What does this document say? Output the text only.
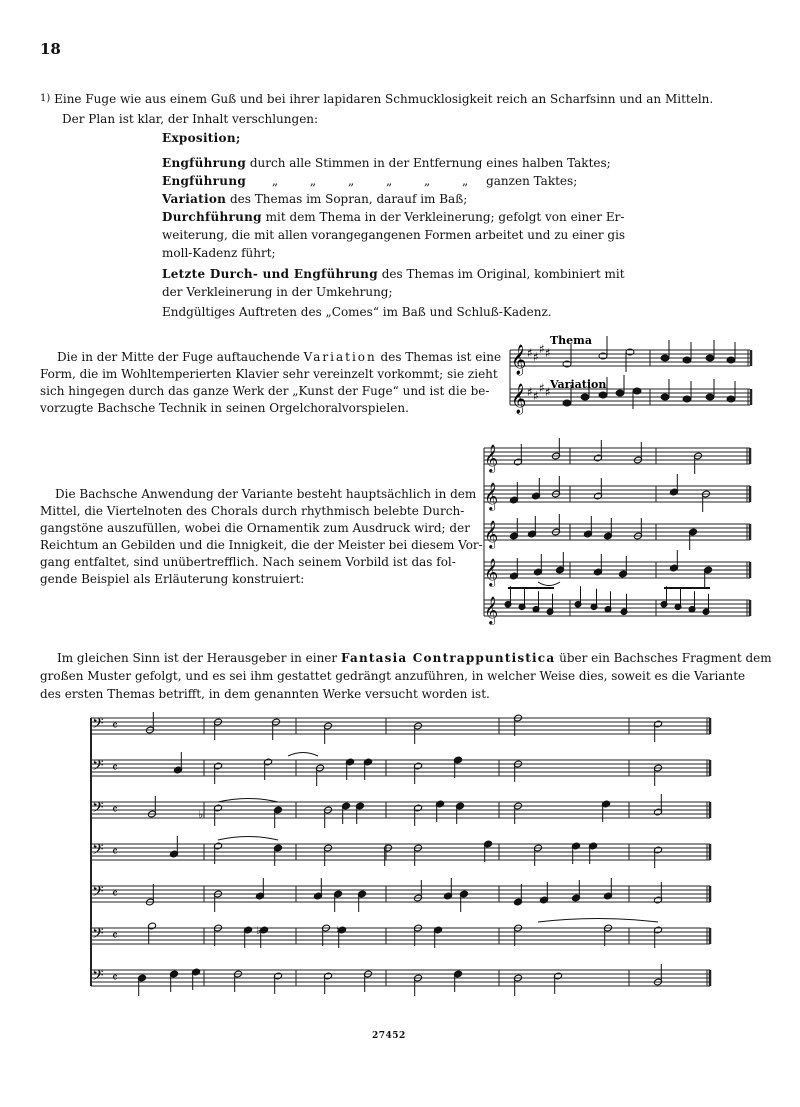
18
1) Eine Fuge wie aus einem Guß und bei ihrer lapidaren Schmucklosigkeit reich an Scharfsinn und an Mitteln.
Der Plan ist klar, der Inhalt verschlungen:
Exposition;
Engführung durch alle Stimmen in der Entfernung eines halben Taktes;
Engführung „ „ „ „ „ „ ganzen Taktes;
Variation des Themas im Sopran, darauf im Baß;
Durchführung mit dem Thema in der Verkleinerung; gefolgt von einer Er-
weiterung, die mit allen vorangegangenen Formen arbeitet und zu einer gis
moll-Kadenz führt;
Letzte Durch- und Engführung des Themas im Original, kombiniert mit
der Verkleinerung in der Umkehrung;
Endgültiges Auftreten des „Comes“ im Baß und Schluß-Kadenz.
Die in der Mitte der Fuge auftauchende Variation des Themas ist eine
Form, die im Wohltemperierten Klavier sehr vereinzelt vorkommt; sie zieht
sich hingegen durch das ganze Werk der „Kunst der Fuge“ und ist die be-
vorzugte Bachsche Technik in seinen Orgelchoralvorspielen.
Thema
𝄞 ♯ ♯
♯ ♯
Variation
𝄞 ♯ ♯
♯ ♯
Die Bachsche Anwendung der Variante besteht hauptsächlich in dem
Mittel, die Viertelnoten des Chorals durch rhythmisch belebte Durch-
gangstöne auszufüllen, wobei die Ornamentik zum Ausdruck wird; der
Reichtum an Gebilden und die Innigkeit, die der Meister bei diesem Vor-
gang entfaltet, sind unübertrefflich. Nach seinem Vorbild ist das fol-
gende Beispiel als Erläuterung konstruiert:
𝄞
𝄞
𝄞
𝄞
𝄞
Im gleichen Sinn ist der Herausgeber in einer Fantasia Contrappuntistica über ein Bachsches Fragment dem
großen Muster gefolgt, und es sei ihm gestattet gedrängt anzuführen, in welcher Weise dies, soweit es die Variante
des ersten Themas betrifft, in dem genannten Werke versucht worden ist.
𝄢 𝄴
𝄢 𝄴
𝄢 𝄴	♭
𝄢 𝄴
𝄢 𝄴
𝄢 𝄴	♭	♮
𝄢 𝄴
27452
